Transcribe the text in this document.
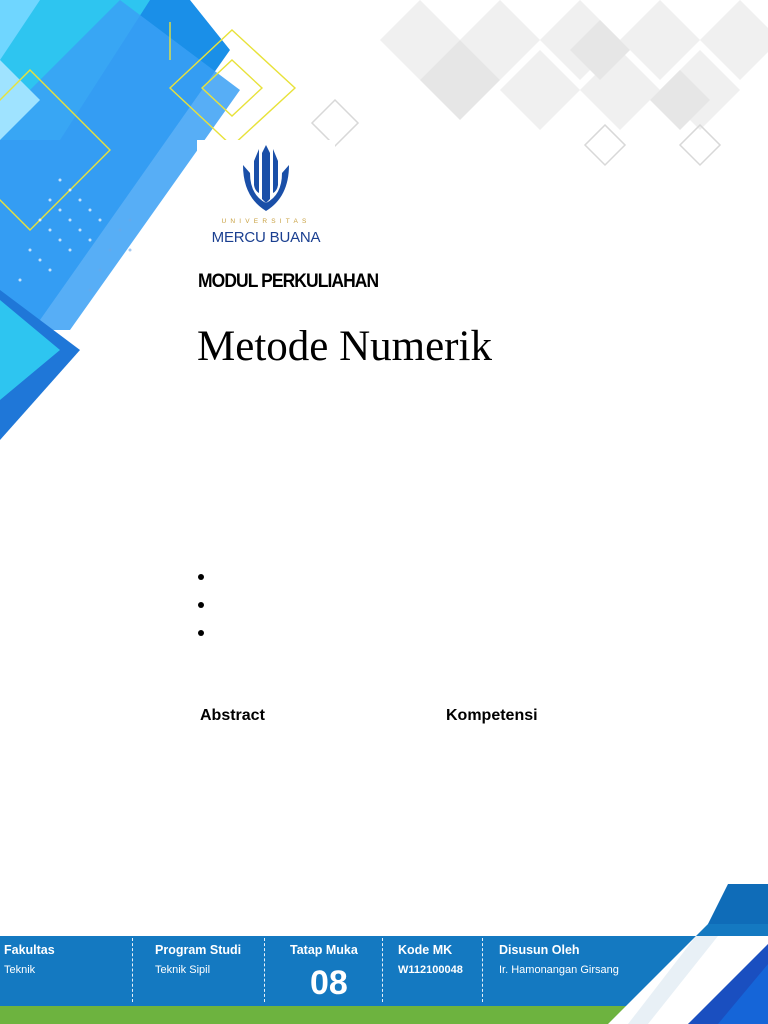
UNIVERSITAS
MERCU BUANA
MODUL PERKULIAHAN
Metode Numerik
Abstract	Kompetensi
Fakultas
Teknik
Program Studi
Teknik Sipil
Tatap Muka
08
Kode MK
W112100048
Disusun Oleh
Ir. Hamonangan Girsang
